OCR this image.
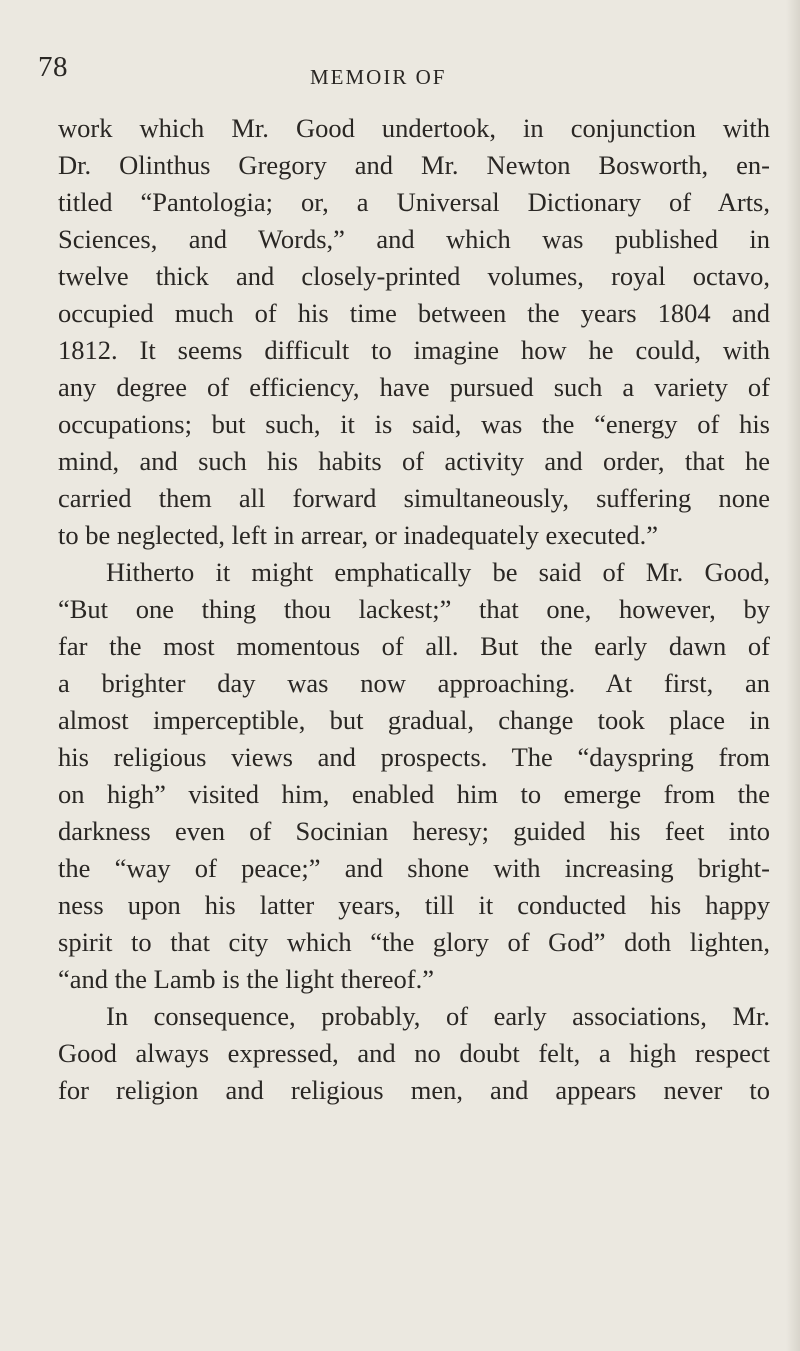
78	MEMOIR OF
work which Mr. Good undertook, in conjunction with
Dr. Olinthus Gregory and Mr. Newton Bosworth, en-
titled “Pantologia; or, a Universal Dictionary of Arts,
Sciences, and Words,” and which was published in
twelve thick and closely-printed volumes, royal octavo,
occupied much of his time between the years 1804 and
1812. It seems difficult to imagine how he could, with
any degree of efficiency, have pursued such a variety of
occupations; but such, it is said, was the “energy of his
mind, and such his habits of activity and order, that he
carried them all forward simultaneously, suffering none
to be neglected, left in arrear, or inadequately executed.”
Hitherto it might emphatically be said of Mr. Good,
“But one thing thou lackest;” that one, however, by
far the most momentous of all. But the early dawn of
a brighter day was now approaching. At first, an
almost imperceptible, but gradual, change took place in
his religious views and prospects. The “dayspring from
on high” visited him, enabled him to emerge from the
darkness even of Socinian heresy; guided his feet into
the “way of peace;” and shone with increasing bright-
ness upon his latter years, till it conducted his happy
spirit to that city which “the glory of God” doth lighten,
“and the Lamb is the light thereof.”
In consequence, probably, of early associations, Mr.
Good always expressed, and no doubt felt, a high respect
for religion and religious men, and appears never to
